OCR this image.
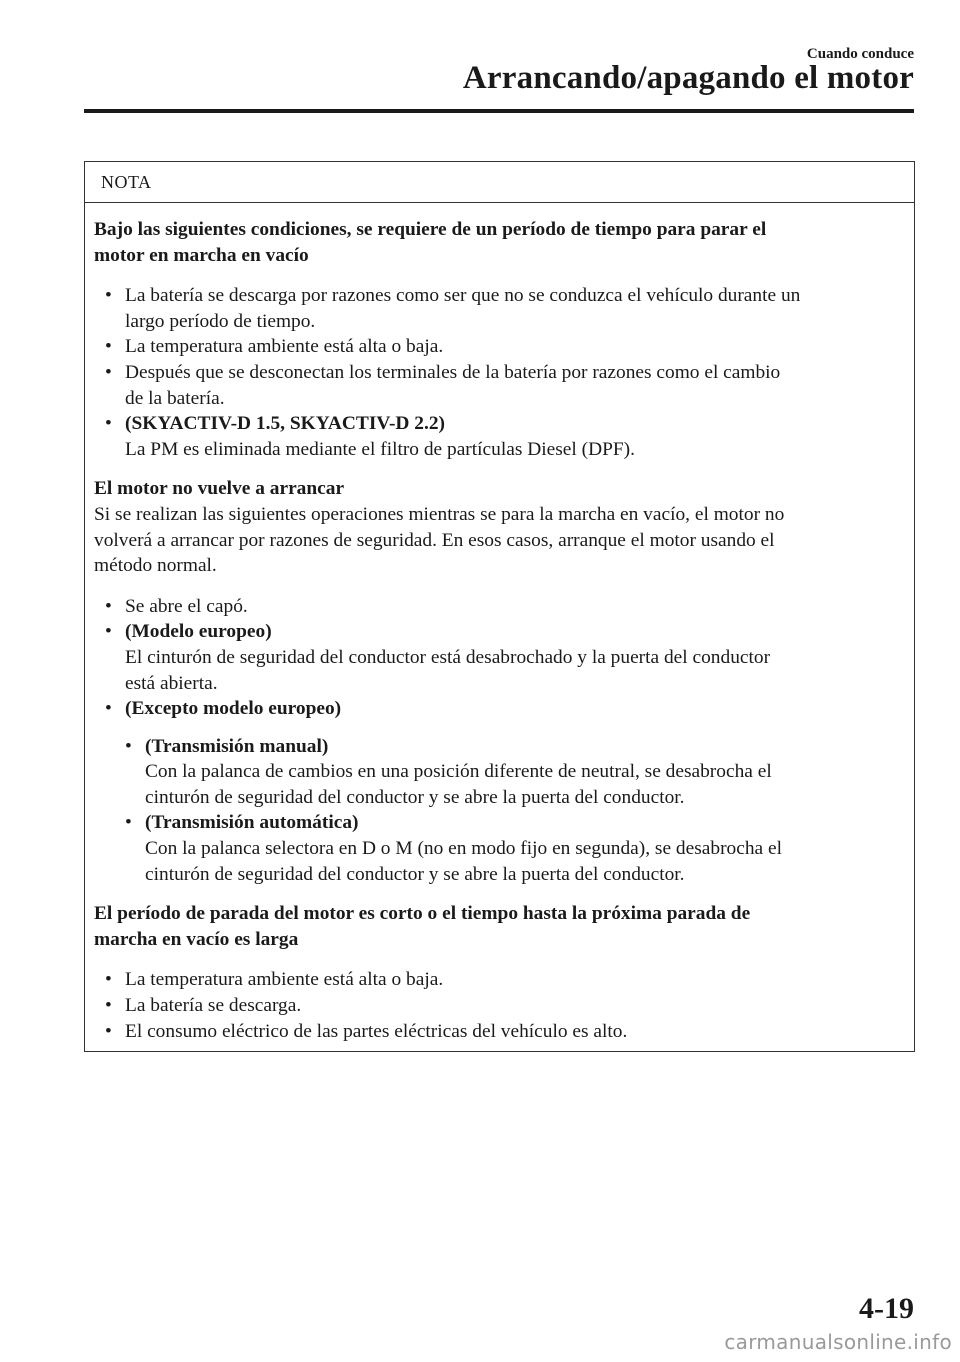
Cuando conduce
Arrancando/apagando el motor
NOTA

Bajo las siguientes condiciones, se requiere de un período de tiempo para parar el
motor en marcha en vacío

• La batería se descarga por razones como ser que no se conduzca el vehículo durante un
largo período de tiempo.
• La temperatura ambiente está alta o baja.
• Después que se desconectan los terminales de la batería por razones como el cambio
de la batería.
• (SKYACTIV-D 1.5, SKYACTIV-D 2.2)
La PM es eliminada mediante el filtro de partículas Diesel (DPF).

El motor no vuelve a arrancar

Si se realizan las siguientes operaciones mientras se para la marcha en vacío, el motor no
volverá a arrancar por razones de seguridad. En esos casos, arranque el motor usando el
método normal.

• Se abre el capó.
• (Modelo europeo)
El cinturón de seguridad del conductor está desabrochado y la puerta del conductor
está abierta.
• (Excepto modelo europeo)
• (Transmisión manual)
Con la palanca de cambios en una posición diferente de neutral, se desabrocha el
cinturón de seguridad del conductor y se abre la puerta del conductor.
• (Transmisión automática)
Con la palanca selectora en D o M (no en modo fijo en segunda), se desabrocha el
cinturón de seguridad del conductor y se abre la puerta del conductor.

El período de parada del motor es corto o el tiempo hasta la próxima parada de
marcha en vacío es larga

• La temperatura ambiente está alta o baja.
• La batería se descarga.
• El consumo eléctrico de las partes eléctricas del vehículo es alto.
4-19
carmanualsonline.info
